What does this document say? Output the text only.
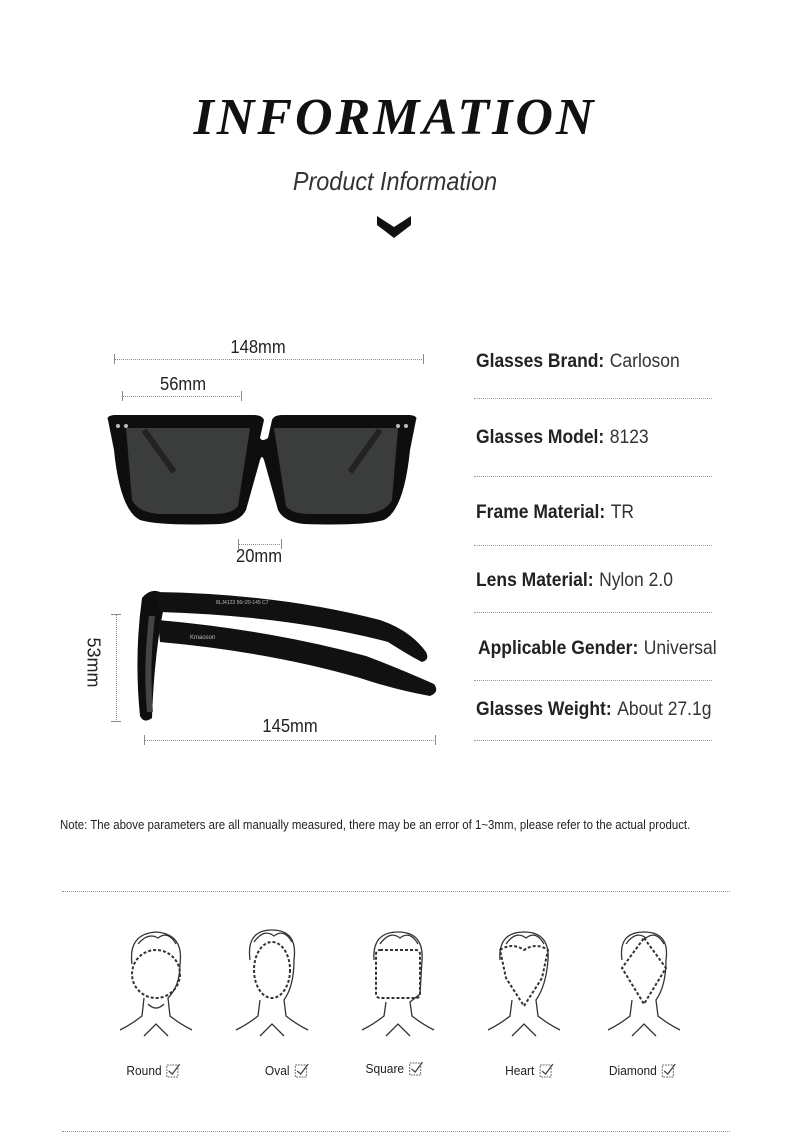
INFORMATION
Product Information
148mm
56mm
20mm
53mm
8LJ4123 56□20-145 C7
Kmaoson
145mm
Glasses Brand: Carloson
Glasses Model: 8123
Frame Material: TR
Lens Material: Nylon 2.0
Applicable Gender: Universal
Glasses Weight: About 27.1g
Note: The above parameters are all manually measured, there may be an error of 1~3mm, please refer to the actual product.
Round	Oval	Square	Heart	Diamond
